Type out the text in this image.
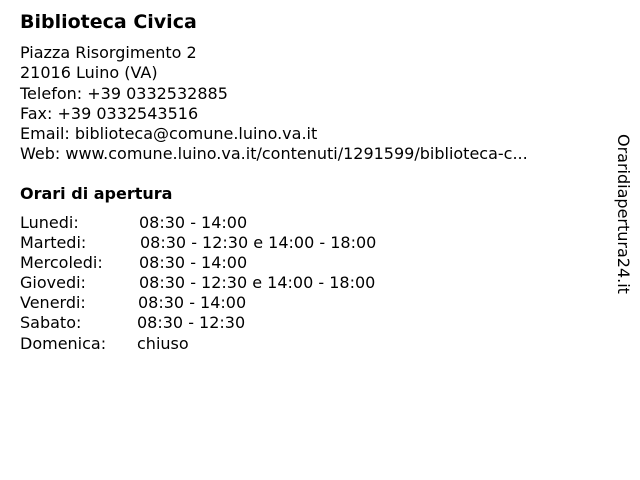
Biblioteca Civica
Piazza Risorgimento 2
21016 Luino (VA)
Telefon: +39 0332532885
Fax: +39 0332543516
Email: biblioteca@comune.luino.va.it
Web: www.comune.luino.va.it/contenuti/1291599/biblioteca-c...
Orari di apertura
Lunedi:	08:30 - 14:00
Martedi:	08:30 - 12:30 e 14:00 - 18:00
Mercoledi: 08:30 - 14:00
Giovedi:	08:30 - 12:30 e 14:00 - 18:00
Venerdi:	08:30 - 14:00
Sabato:	08:30 - 12:30
Domenica: chiuso
Oraridiapertura24.it
